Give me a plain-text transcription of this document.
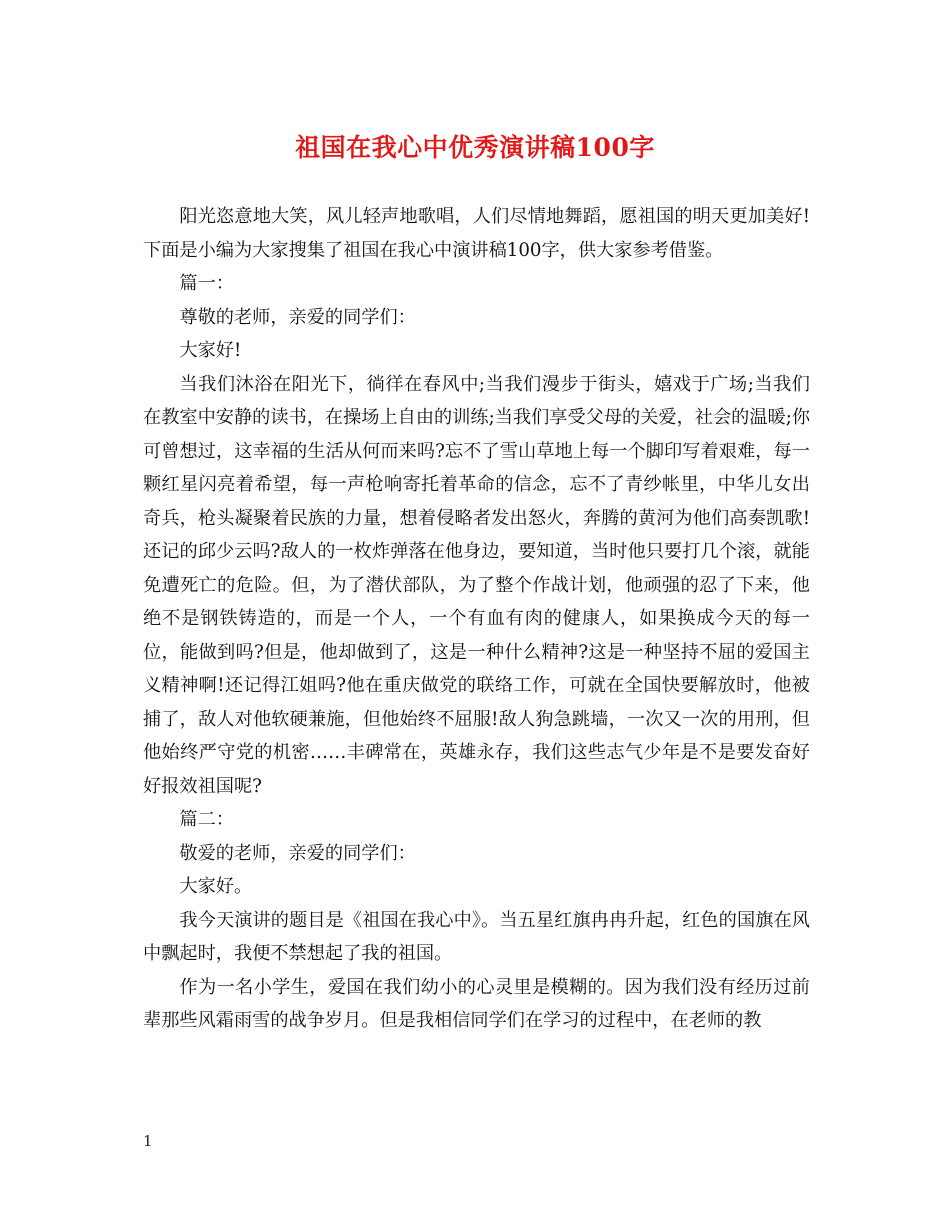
祖国在我心中优秀演讲稿100字

阳光恣意地大笑，风儿轻声地歌唱，人们尽情地舞蹈，愿祖国的明天更加美好!下面是小编为大家搜集了祖国在我心中演讲稿100字，供大家参考借鉴。

篇一：

尊敬的老师，亲爱的同学们：

大家好!

当我们沐浴在阳光下，徜徉在春风中;当我们漫步于街头，嬉戏于广场;当我们在教室中安静的读书，在操场上自由的训练;当我们享受父母的关爱，社会的温暖;你可曾想过，这幸福的生活从何而来吗?忘不了雪山草地上每一个脚印写着艰难，每一颗红星闪亮着希望，每一声枪响寄托着革命的信念，忘不了青纱帐里，中华儿女出奇兵，枪头凝聚着民族的力量，想着侵略者发出怒火，奔腾的黄河为他们高奏凯歌!还记的邱少云吗?敌人的一枚炸弹落在他身边，要知道，当时他只要打几个滚，就能免遭死亡的危险。但，为了潜伏部队，为了整个作战计划，他顽强的忍了下来，他绝不是钢铁铸造的，而是一个人，一个有血有肉的健康人，如果换成今天的每一位，能做到吗?但是，他却做到了，这是一种什么精神?这是一种坚持不屈的爱国主义精神啊!还记得江姐吗?他在重庆做党的联络工作，可就在全国快要解放时，他被捕了，敌人对他软硬兼施，但他始终不屈服!敌人狗急跳墙，一次又一次的用刑，但他始终严守党的机密……丰碑常在，英雄永存，我们这些志气少年是不是要发奋好好报效祖国呢?

篇二：

敬爱的老师，亲爱的同学们：

大家好。

我今天演讲的题目是《祖国在我心中》。当五星红旗冉冉升起，红色的国旗在风中飘起时，我便不禁想起了我的祖国。

作为一名小学生，爱国在我们幼小的心灵里是模糊的。因为我们没有经历过前辈那些风霜雨雪的战争岁月。但是我相信同学们在学习的过程中，在老师的教

1
